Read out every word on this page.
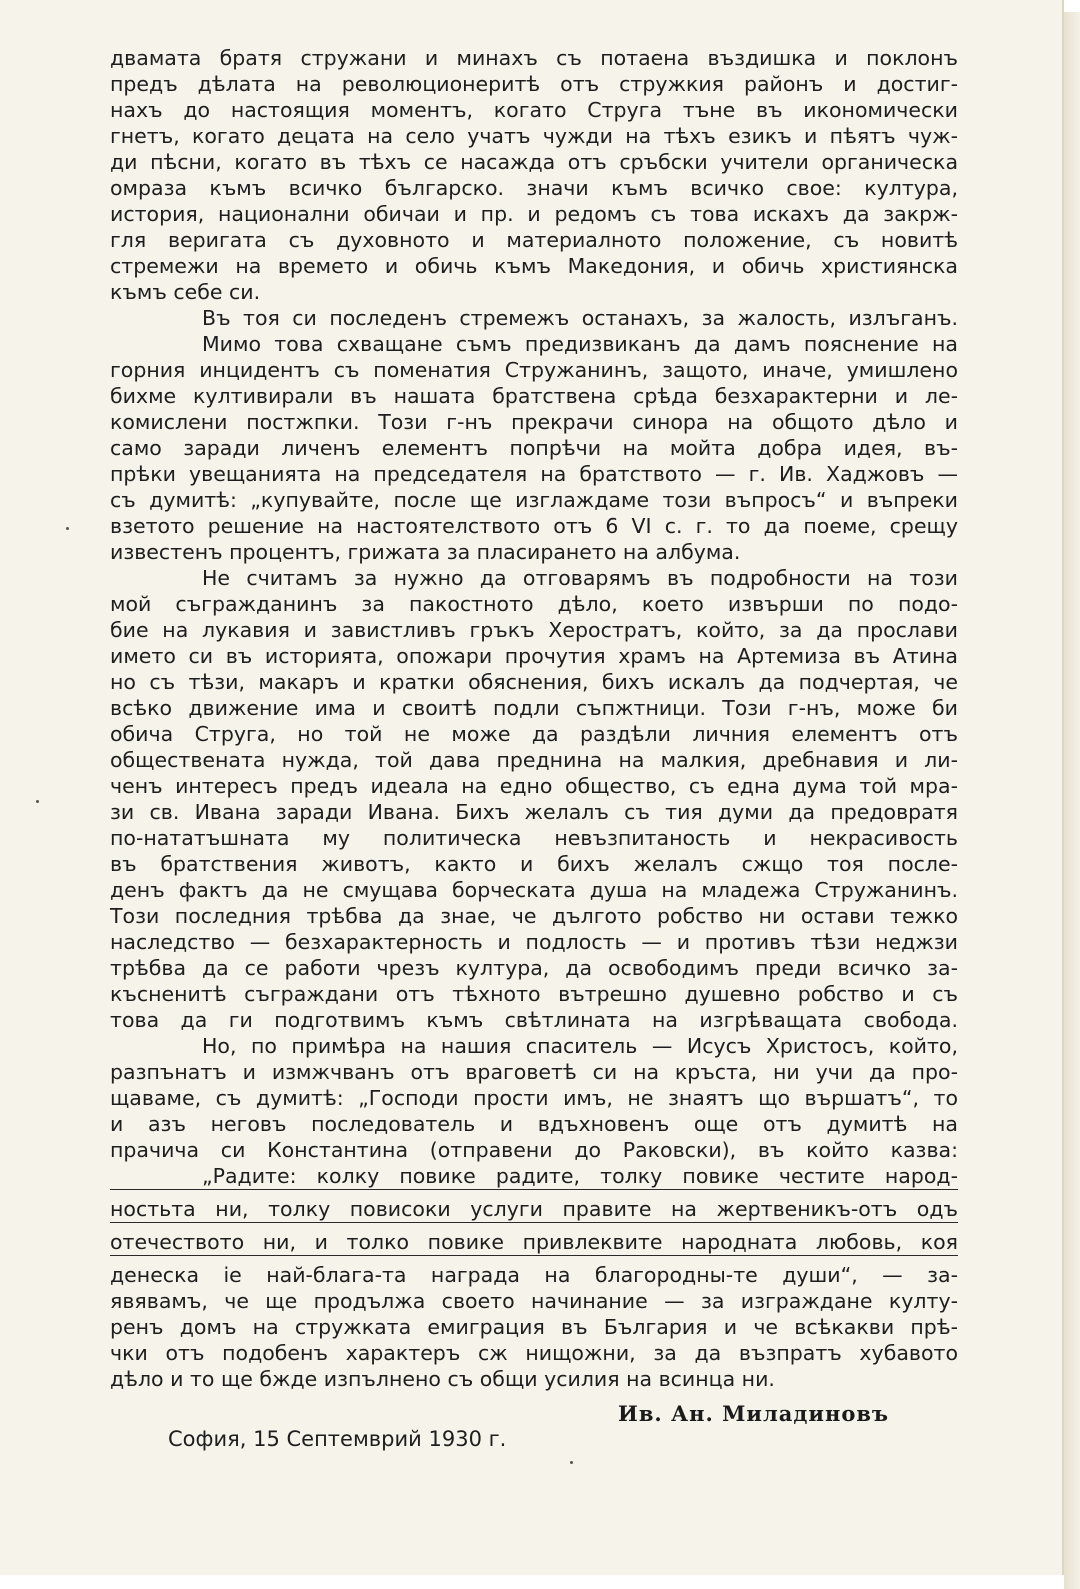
двамата братя стружани и минахъ съ потаена въздишка и поклонъ
предъ дѣлата на революционеритѣ отъ стружкия районъ и достиг-
нахъ до настоящия моментъ, когато Струга тъне въ икономически
гнетъ, когато децата на село учатъ чужди на тѣхъ езикъ и пѣятъ чуж-
ди пѣсни, когато въ тѣхъ се насажда отъ сръбски учители органическа
омраза къмъ всичко българско. значи къмъ всичко свое: култура,
история, национални обичаи и пр. и редомъ съ това искахъ да закрж-
гля веригата съ духовното и материалното положение, съ новитѣ
стремежи на времето и обичь къмъ Македония, и обичь християнска
къмъ себе си.
Въ тоя си последенъ стремежъ останахъ, за жалость, излъганъ.
Мимо това схващане съмъ предизвиканъ да дамъ пояснение на
горния инцидентъ съ поменатия Стружанинъ, защото, иначе, умишлено
бихме култивирали въ нашата братствена срѣда безхарактерни и ле-
комислени постжпки. Този г-нъ прекрачи синора на общото дѣло и
само заради личенъ елементъ попрѣчи на мойта добра идея, въ-
прѣки увещанията на председателя на братството — г. Ив. Хаджовъ —
съ думитѣ: „купувайте, после ще изглаждаме този въпросъ“ и въпреки
взетото решение на настоятелството отъ 6 VI с. г. то да поеме, срещу
известенъ процентъ, грижата за пласирането на албума.
Не считамъ за нужно да отговарямъ въ подробности на този
мой съгражданинъ за пакостното дѣло, което извърши по подо-
бие на лукавия и завистливъ гръкъ Херостратъ, който, за да прослави
името си въ историята, опожари прочутия храмъ на Артемиза въ Атина
но съ тѣзи, макаръ и кратки обяснения, бихъ искалъ да подчертая, че
всѣко движение има и своитѣ подли съпжтници. Този г-нъ, може би
обича Струга, но той не може да раздѣли личния елементъ отъ
обществената нужда, той дава преднина на малкия, дребнавия и ли-
ченъ интересъ предъ идеала на едно общество, съ една дума той мра-
зи св. Ивана заради Ивана. Бихъ желалъ съ тия думи да предовратя
по-нататъшната му политическа невъзпитаность и некрасивость
въ братствения животъ, както и бихъ желалъ сжщо тоя после-
денъ фактъ да не смущава борческата душа на младежа Стружанинъ.
Този последния трѣбва да знае, че дългото робство ни остави тежко
наследство — безхарактерность и подлость — и противъ тѣзи неджзи
трѣбва да се работи чрезъ култура, да освободимъ преди всичко за-
късненитѣ съграждани отъ тѣхното вътрешно душевно робство и съ
това да ги подготвимъ къмъ свѣтлината на изгрѣващата свобода.
Но, по примѣра на нашия спаситель — Исусъ Христосъ, който,
разпънатъ и измжчванъ отъ враговетѣ си на кръста, ни учи да про-
щаваме, съ думитѣ: „Господи прости имъ, не знаятъ що вършатъ“, то
и азъ неговъ последователь и вдъхновенъ още отъ думитѣ на
прачича си Константина (отправени до Раковски), въ който казва:
„Радите: колку повике радите, толку повике честите народ-
ностьта ни, толку повисоки услуги правите на жертвеникъ-отъ одъ
отечеството ни, и толко повике привлеквите народната любовь, коя
денеска іе най-блага-та награда на благородны-те души“, — за-
явявамъ, че ще продължа своето начинание — за изграждане култу-
ренъ домъ на стружката емиграция въ България и че всѣкакви прѣ-
чки отъ подобенъ характеръ сж нищожни, за да възпратъ хубавото
дѣло и то ще бжде изпълнено съ общи усилия на всинца ни.
Ив. Ан. Миладиновъ
София, 15 Септемврий 1930 г.
